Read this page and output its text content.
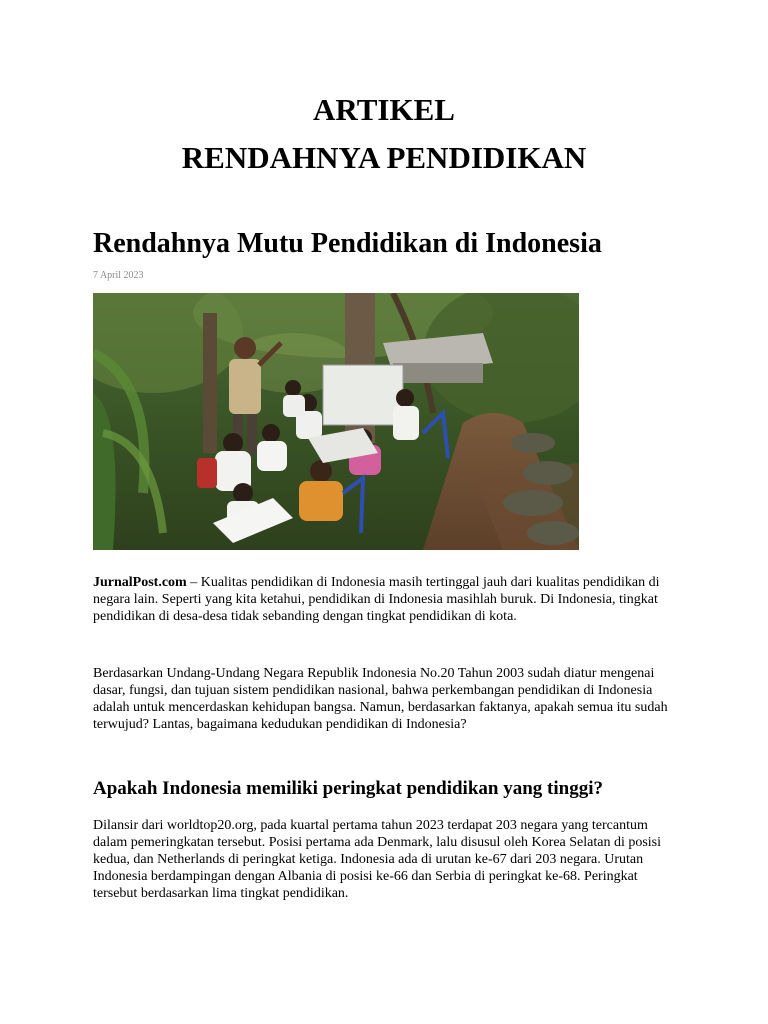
ARTIKEL
RENDAHNYA PENDIDIKAN
Rendahnya Mutu Pendidikan di Indonesia
7 April 2023

JurnalPost.com – Kualitas pendidikan di Indonesia masih tertinggal jauh dari kualitas pendidikan di negara lain. Seperti yang kita ketahui, pendidikan di Indonesia masihlah buruk. Di Indonesia, tingkat pendidikan di desa-desa tidak sebanding dengan tingkat pendidikan di kota.

Berdasarkan Undang-Undang Negara Republik Indonesia No.20 Tahun 2003 sudah diatur mengenai dasar, fungsi, dan tujuan sistem pendidikan nasional, bahwa perkembangan pendidikan di Indonesia adalah untuk mencerdaskan kehidupan bangsa. Namun, berdasarkan faktanya, apakah semua itu sudah terwujud? Lantas, bagaimana kedudukan pendidikan di Indonesia?

Apakah Indonesia memiliki peringkat pendidikan yang tinggi?

Dilansir dari worldtop20.org, pada kuartal pertama tahun 2023 terdapat 203 negara yang tercantum dalam pemeringkatan tersebut. Posisi pertama ada Denmark, lalu disusul oleh Korea Selatan di posisi kedua, dan Netherlands di peringkat ketiga. Indonesia ada di urutan ke-67 dari 203 negara. Urutan Indonesia berdampingan dengan Albania di posisi ke-66 dan Serbia di peringkat ke-68. Peringkat tersebut berdasarkan lima tingkat pendidikan.
